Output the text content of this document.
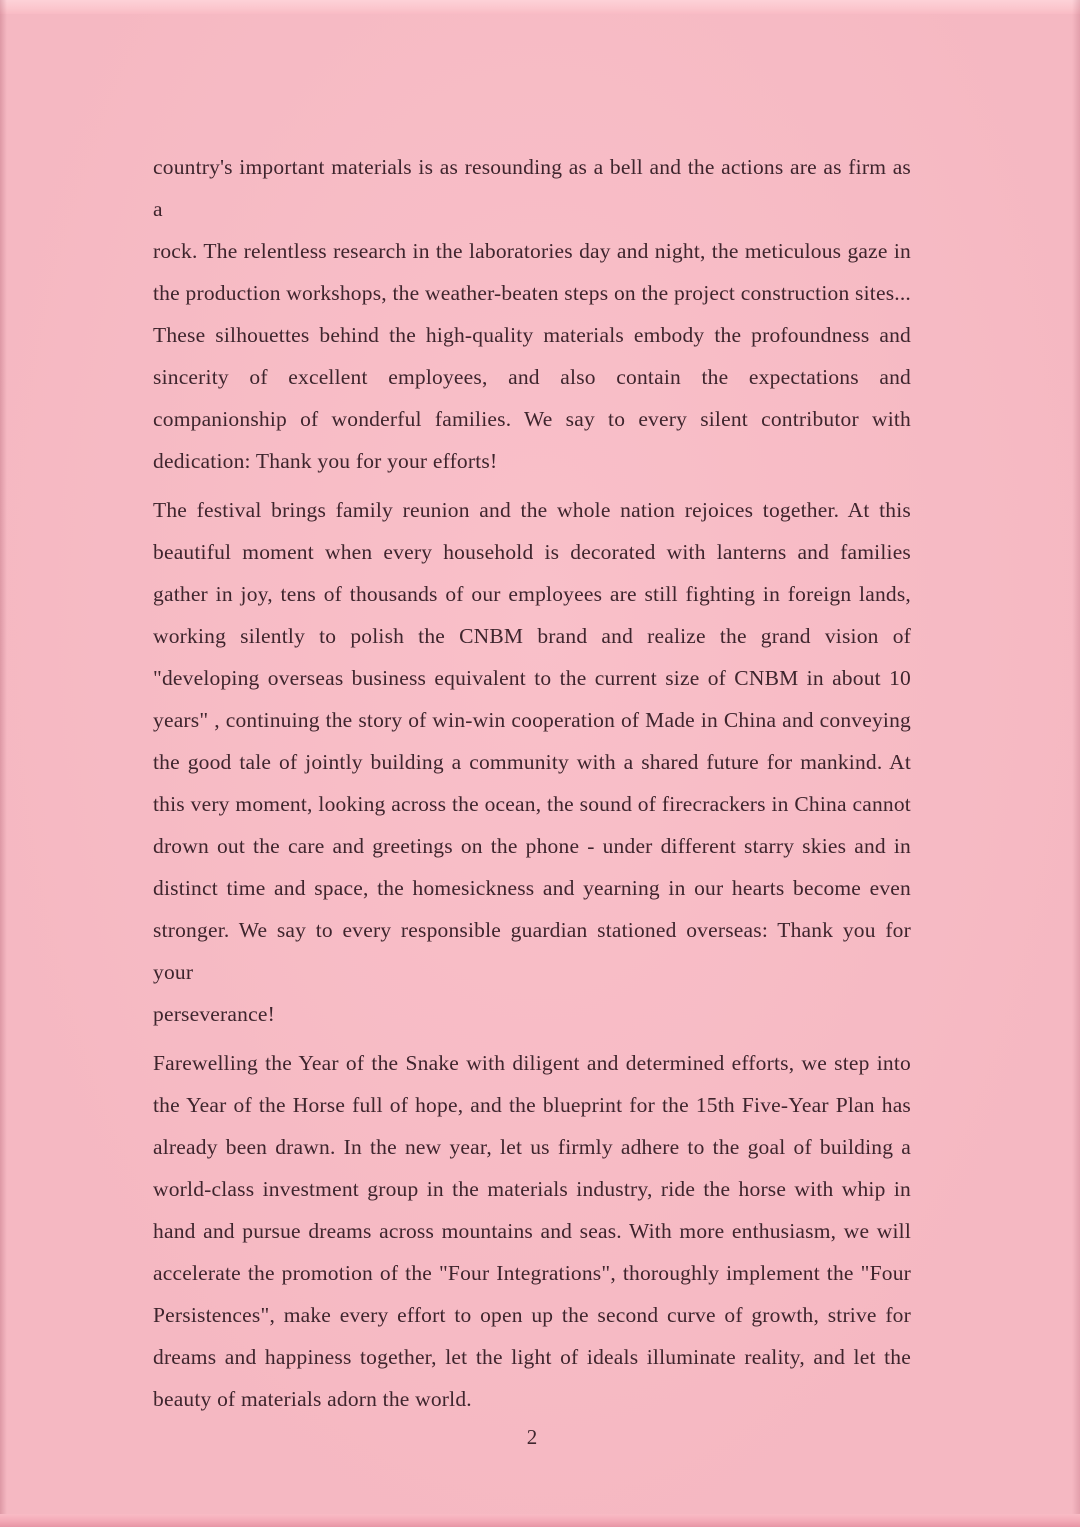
country's important materials is as resounding as a bell and the actions are as firm as a
rock. The relentless research in the laboratories day and night, the meticulous gaze in
the production workshops, the weather-beaten steps on the project construction sites...
These silhouettes behind the high-quality materials embody the profoundness and
sincerity of excellent employees, and also contain the expectations and
companionship of wonderful families. We say to every silent contributor with
dedication: Thank you for your efforts!
The festival brings family reunion and the whole nation rejoices together. At this
beautiful moment when every household is decorated with lanterns and families
gather in joy, tens of thousands of our employees are still fighting in foreign lands,
working silently to polish the CNBM brand and realize the grand vision of
"developing overseas business equivalent to the current size of CNBM in about 10
years" , continuing the story of win-win cooperation of Made in China and conveying
the good tale of jointly building a community with a shared future for mankind. At
this very moment, looking across the ocean, the sound of firecrackers in China cannot
drown out the care and greetings on the phone - under different starry skies and in
distinct time and space, the homesickness and yearning in our hearts become even
stronger. We say to every responsible guardian stationed overseas: Thank you for your
perseverance!
Farewelling the Year of the Snake with diligent and determined efforts, we step into
the Year of the Horse full of hope, and the blueprint for the 15th Five-Year Plan has
already been drawn. In the new year, let us firmly adhere to the goal of building a
world-class investment group in the materials industry, ride the horse with whip in
hand and pursue dreams across mountains and seas. With more enthusiasm, we will
accelerate the promotion of the "Four Integrations", thoroughly implement the "Four
Persistences", make every effort to open up the second curve of growth, strive for
dreams and happiness together, let the light of ideals illuminate reality, and let the
beauty of materials adorn the world.
2
